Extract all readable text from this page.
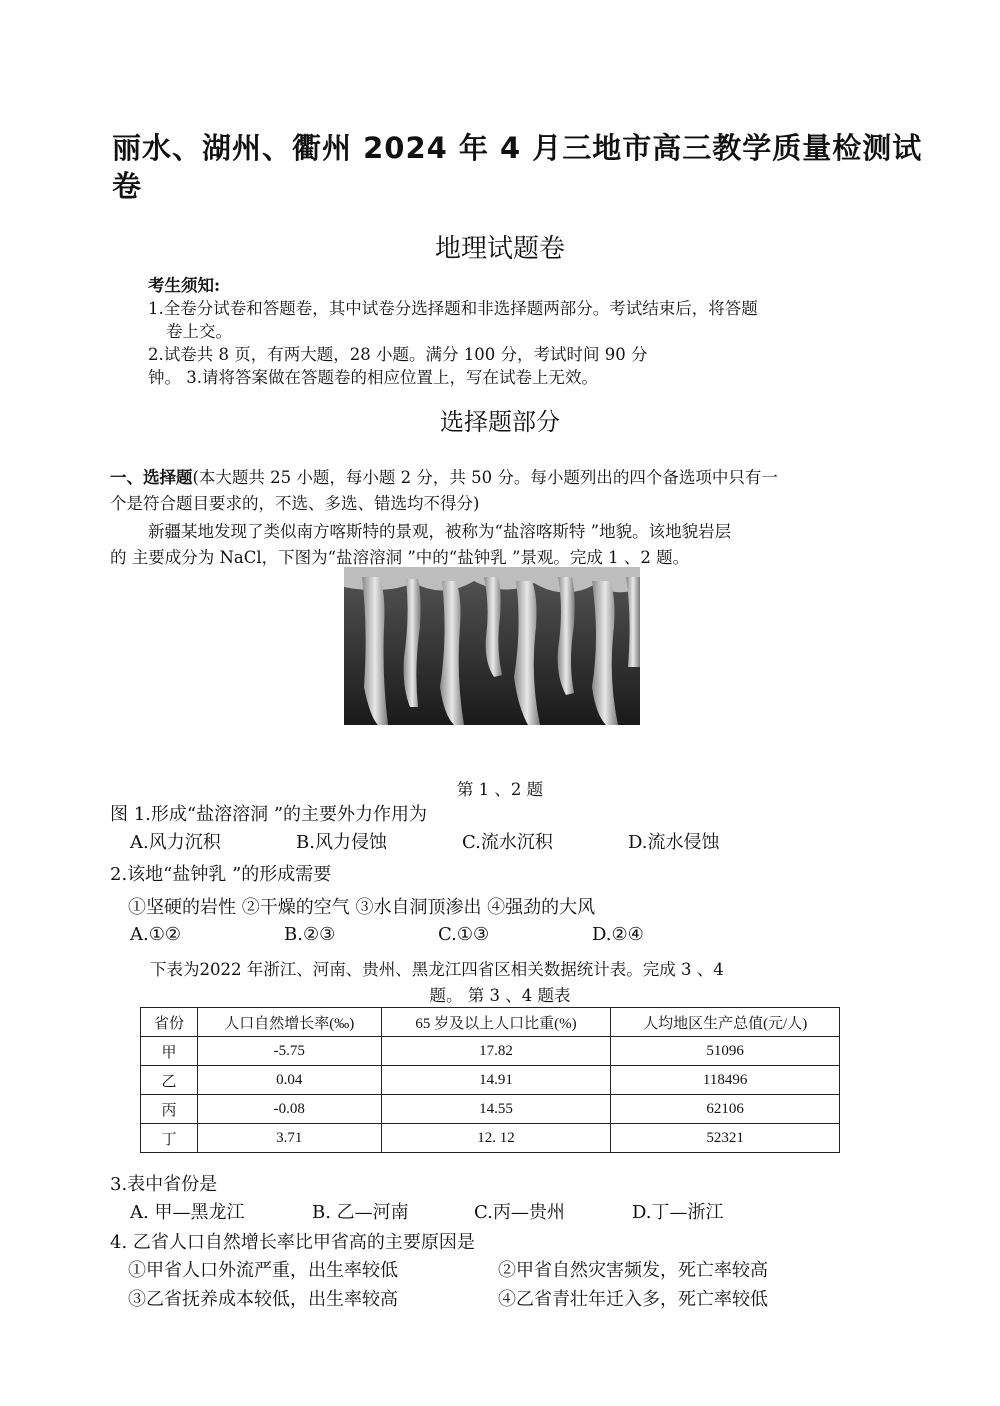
丽水、湖州、衢州 2024 年 4 月三地市高三教学质量检测试
卷
地理试题卷
考生须知:
1.全卷分试卷和答题卷，其中试卷分选择题和非选择题两部分。考试结束后，将答题
卷上交。
2.试卷共 8 页，有两大题，28 小题。满分 100 分，考试时间 90 分
钟。 3.请将答案做在答题卷的相应位置上，写在试卷上无效。
选择题部分
一、选择题(本大题共 25 小题，每小题 2 分，共 50 分。每小题列出的四个备选项中只有一
个是符合题目要求的，不选、多选、错选均不得分)
新疆某地发现了类似南方喀斯特的景观，被称为“盐溶喀斯特 ”地貌。该地貌岩层
的 主要成分为 NaCl，下图为“盐溶溶洞 ”中的“盐钟乳 ”景观。完成 1 、2 题。
第 1 、2 题
图 1.形成“盐溶溶洞 ”的主要外力作用为
A.风力沉积	B.风力侵蚀	C.流水沉积	D.流水侵蚀
2.该地“盐钟乳 ”的形成需要
①坚硬的岩性 ②干燥的空气 ③水自洞顶渗出 ④强劲的大风
A.①②	B.②③	C.①③	D.②④
下表为2022 年浙江、河南、贵州、黑龙江四省区相关数据统计表。完成 3 、4
题。 第 3 、4 题表
省份	人口自然增长率(‰)	65 岁及以上人口比重(%)	人均地区生产总值(元/人)
甲	-5.75	17.82	51096
乙	0.04	14.91	118496
丙	-0.08	14.55	62106
丁	3.71	12. 12	52321
3.表中省份是
A. 甲—黑龙江	B. 乙—河南	C.丙—贵州	D.丁—浙江
4. 乙省人口自然增长率比甲省高的主要原因是
①甲省人口外流严重，出生率较低	②甲省自然灾害频发，死亡率较高
③乙省抚养成本较低，出生率较高	④乙省青壮年迁入多，死亡率较低
